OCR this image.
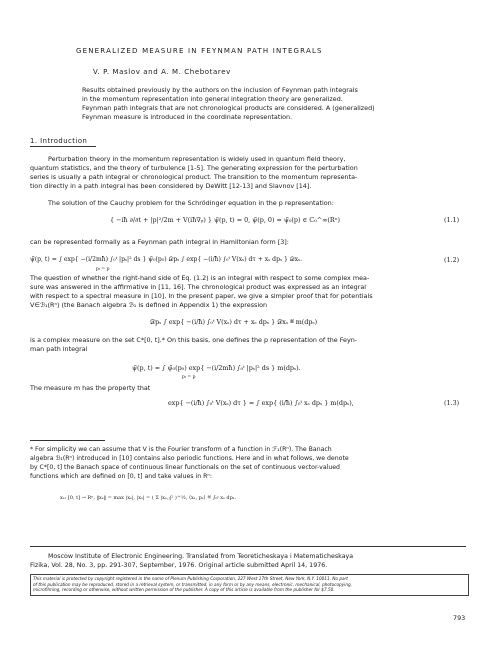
GENERALIZED MEASURE IN FEYNMAN PATH INTEGRALS
V. P. Maslov and A. M. Chebotarev
Results obtained previously by the authors on the inclusion of Feynman path integrals
in the momentum representation into general integration theory are generalized.
Feynman path integrals that are not chronological products are considered. A (generalized)
Feynman measure is introduced in the coordinate representation.
1. Introduction
Perturbation theory in the momentum representation is widely used in quantum field theory,
quantum statistics, and the theory of turbulence [1-5]. The generating expression for the perturbation
series is usually a path integral or chronological product. The transition to the momentum representa-
tion directly in a path integral has been considered by DeWitt [12-13] and Slavnov [14].
The solution of the Cauchy problem for the Schrödinger equation in the p representation:
{ −iħ ∂/∂t + |p|²/2m + V(iħ∇ₚ) } ψ̃(p, t) = 0, ψ̃(p, 0) = ψ̃₀(p) ∈ C₀^∞(Rⁿ)	(1.1)
can be represented formally as a Feynman path integral in Hamiltonian form [3]:
ψ̃(p, t) = ∫ exp{ −(i/2mħ) ∫₀ᵗ |pₛ|² ds } ψ̃₀(p₀) 𝒟pₛ ∫ exp{ −(i/ħ) ∫₀ᵗ V(xₛ) dτ + xₛ dpₛ } 𝒟xₛ.
pₜ = p
(1.2)
The question of whether the right-hand side of Eq. (1.2) is an integral with respect to some complex mea-
sure was answered in the affirmative in [11, 16]. The chronological product was expressed as an integral
with respect to a spectral measure in [10]. In the present paper, we give a simpler proof that for potentials
V∈ℬ₁(Rⁿ) (the Banach algebra ℬ₁ is defined in Appendix 1) the expression
𝒟pₛ ∫ exp{ −(i/ħ) ∫₀ᵗ V(xₛ) dτ + xₛ dpₛ } 𝒟xₛ ≝ m(dpₛ)
is a complex measure on the set C*[0, t].* On this basis, one defines the p representation of the Feyn-
man path integral
ψ̃(p, t) = ∫ ψ̃₀(p₀) exp{ −(i/2mħ) ∫₀ᵗ |pₛ|² ds } m(dpₛ).
pₜ = p
The measure m has the property that
exp{ −(i/ħ) ∫₀ᵗ V(xₛ) dτ } = ∫ exp{ (i/ħ) ∫₀ᵗ xₛ dpₛ } m(dpₛ),	(1.3)
* For simplicity we can assume that V is the Fourier transform of a function in ℱ₁(Rⁿ). The Banach
algebra ℬ₁(Rⁿ) introduced in [10] contains also periodic functions. Here and in what follows, we denote
by C*[0, t] the Banach space of continuous linear functionals on the set of continuous vector-valued
functions which are defined on [0, t] and take values in Rⁿ:
xₛ: [0, t] → Rⁿ, ‖xₛ‖ = max |xₛ|, |xₛ| = ( Σ |xₛ,ⱼ|² )^½, ⟨xₛ, pₛ⟩ ≝ ∫₀ᵗ xₛ dpₛ.
Moscow Institute of Electronic Engineering. Translated from Teoreticheskaya i Matematicheskaya
Fizika, Vol. 28, No. 3, pp. 291-307, September, 1976. Original article submitted April 14, 1976.
This material is protected by copyright registered in the name of Plenum Publishing Corporation, 227 West 17th Street, New York, N.Y. 10011. No part
of this publication may be reproduced, stored in a retrieval system, or transmitted, in any form or by any means, electronic, mechanical, photocopying,
microfilming, recording or otherwise, without written permission of the publisher. A copy of this article is available from the publisher for $7.50.
793
